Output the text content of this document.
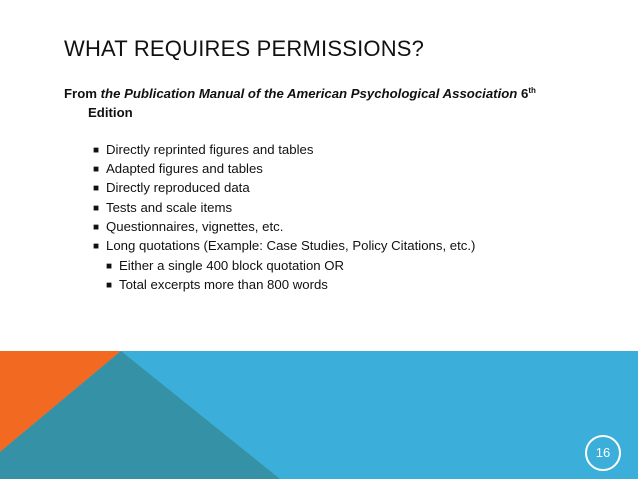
WHAT REQUIRES PERMISSIONS?
From the Publication Manual of the American Psychological Association 6th
Edition
■ Directly reprinted figures and tables
■ Adapted figures and tables
■ Directly reproduced data
■ Tests and scale items
■ Questionnaires, vignettes, etc.
■ Long quotations (Example: Case Studies, Policy Citations, etc.)
■ Either a single 400 block quotation OR
■ Total excerpts more than 800 words
16
